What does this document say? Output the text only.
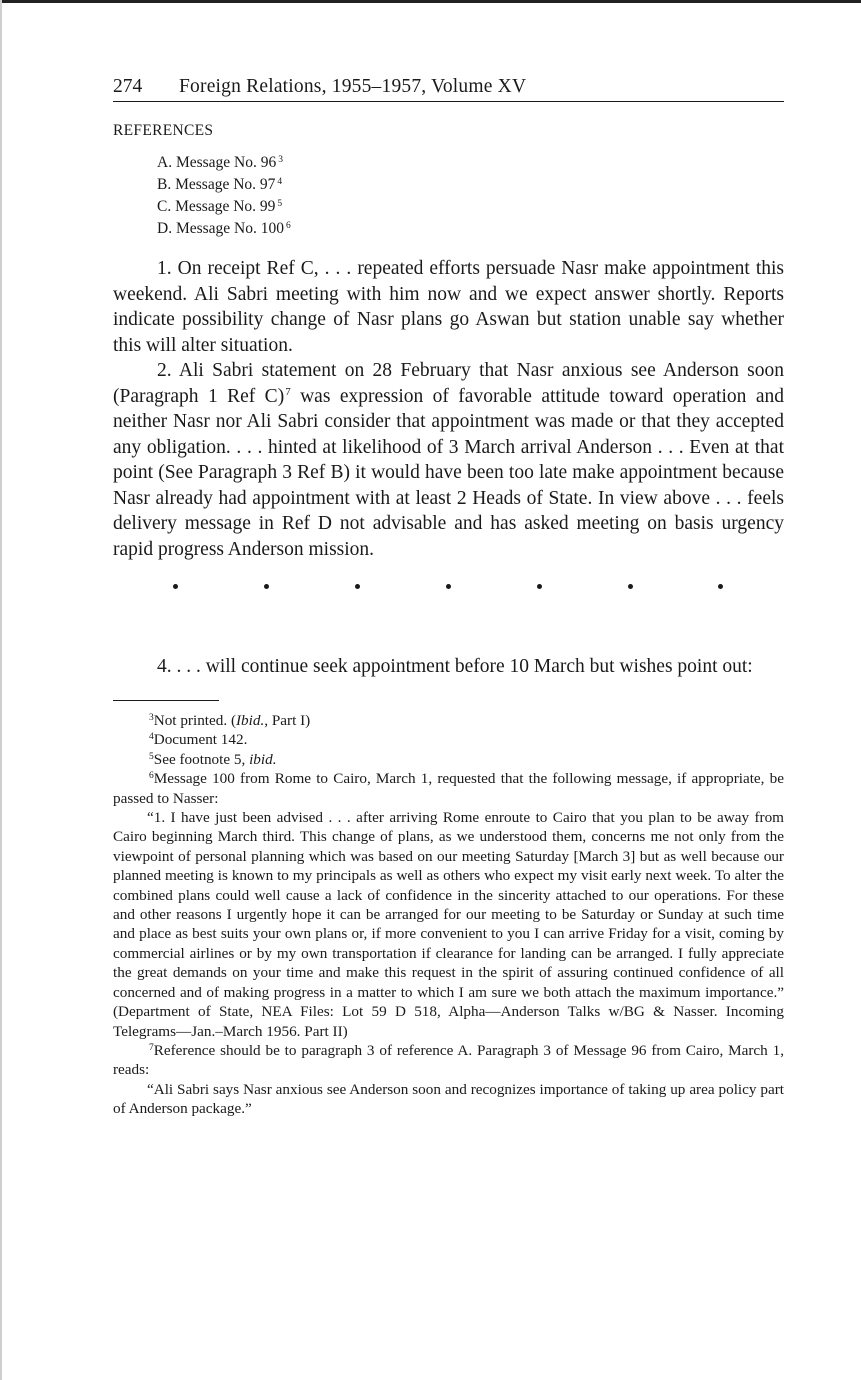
274	Foreign Relations, 1955–1957, Volume XV
REFERENCES
A. Message No. 96 $^3$
B. Message No. 97 $^4$
C. Message No. 99 $^5$
D. Message No. 100 $^6$

1. On receipt Ref C, . . . repeated efforts persuade Nasr make appointment this weekend. Ali Sabri meeting with him now and we expect answer shortly. Reports indicate possibility change of Nasr plans go Aswan but station unable say whether this will alter situation.

2. Ali Sabri statement on 28 February that Nasr anxious see Anderson soon (Paragraph 1 Ref C)$^7$ was expression of favorable attitude toward operation and neither Nasr nor Ali Sabri consider that appointment was made or that they accepted any obligation. . . . hinted at likelihood of 3 March arrival Anderson . . . Even at that point (See Paragraph 3 Ref B) it would have been too late make appointment because Nasr already had appointment with at least 2 Heads of State. In view above . . . feels delivery message in Ref D not advisable and has asked meeting on basis urgency rapid progress Anderson mission.

4. . . . will continue seek appointment before 10 March but wishes point out:

$^3$Not printed. (Ibid., Part I)

$^4$Document 142.

$^5$See footnote 5, ibid.

$^6$Message 100 from Rome to Cairo, March 1, requested that the following message, if appropriate, be passed to Nasser:

“1. I have just been advised . . . after arriving Rome enroute to Cairo that you plan to be away from Cairo beginning March third. This change of plans, as we understood them, concerns me not only from the viewpoint of personal planning which was based on our meeting Saturday [March 3] but as well because our planned meeting is known to my principals as well as others who expect my visit early next week. To alter the combined plans could well cause a lack of confidence in the sincerity attached to our operations. For these and other reasons I urgently hope it can be arranged for our meeting to be Saturday or Sunday at such time and place as best suits your own plans or, if more convenient to you I can arrive Friday for a visit, coming by commercial airlines or by my own transportation if clearance for landing can be arranged. I fully appreciate the great demands on your time and make this request in the spirit of assuring continued confidence of all concerned and of making progress in a matter to which I am sure we both attach the maximum importance.” (Department of State, NEA Files: Lot 59 D 518, Alpha—Anderson Talks w/BG & Nasser. Incoming Telegrams—Jan.–March 1956. Part II)

$^7$Reference should be to paragraph 3 of reference A. Paragraph 3 of Message 96 from Cairo, March 1, reads:

“Ali Sabri says Nasr anxious see Anderson soon and recognizes importance of taking up area policy part of Anderson package.”
